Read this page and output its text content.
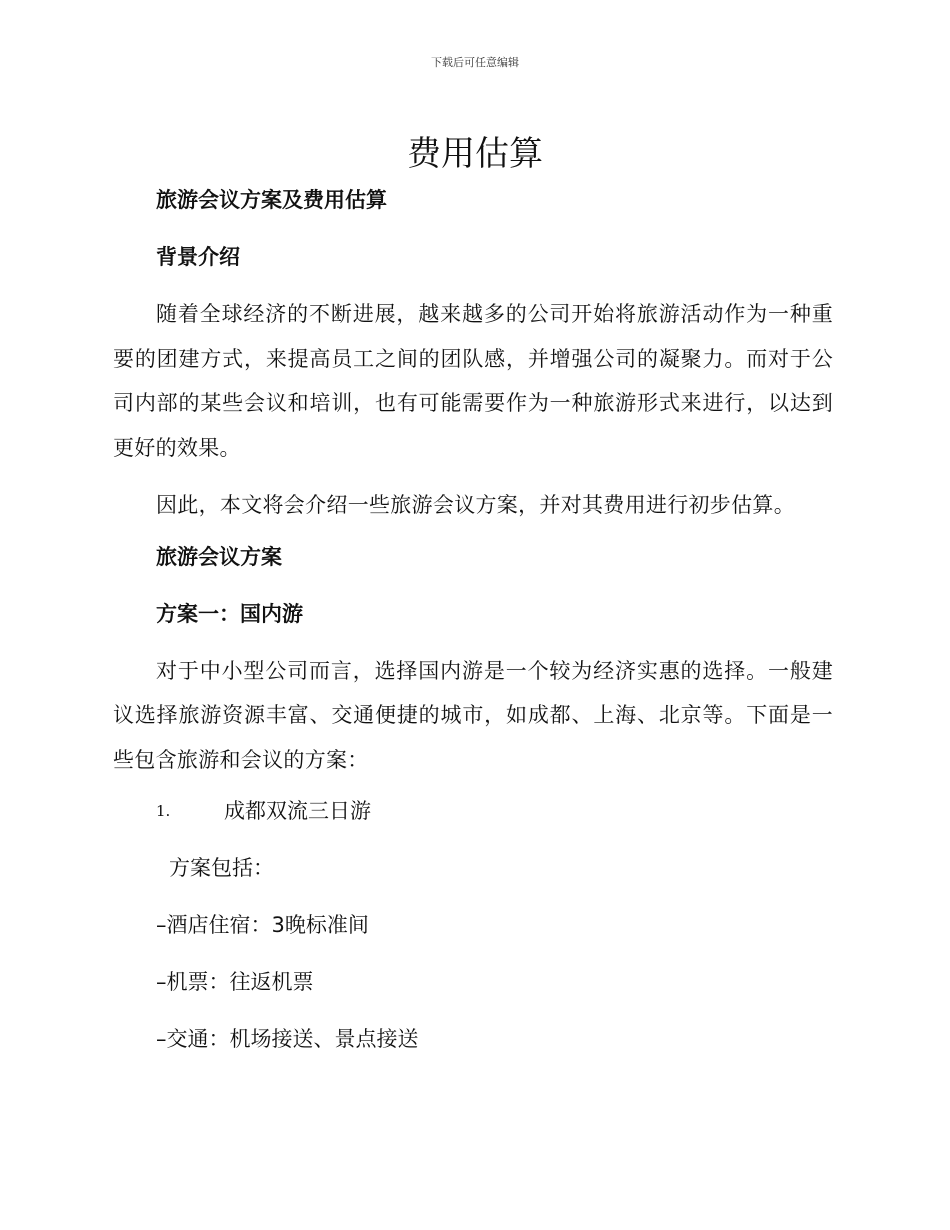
下载后可任意编辑
费用估算
旅游会议方案及费用估算
背景介绍

随着全球经济的不断进展，越来越多的公司开始将旅游活动作为一种重要的团建方式，来提高员工之间的团队感，并增强公司的凝聚力。而对于公司内部的某些会议和培训，也有可能需要作为一种旅游形式来进行，以达到更好的效果。

因此，本文将会介绍一些旅游会议方案，并对其费用进行初步估算。

旅游会议方案
方案一：国内游

对于中小型公司而言，选择国内游是一个较为经济实惠的选择。一般建议选择旅游资源丰富、交通便捷的城市，如成都、上海、北京等。下面是一些包含旅游和会议的方案：

1.	成都双流三日游
方案包括：
–酒店住宿：3晚标准间
–机票：往返机票
–交通：机场接送、景点接送
